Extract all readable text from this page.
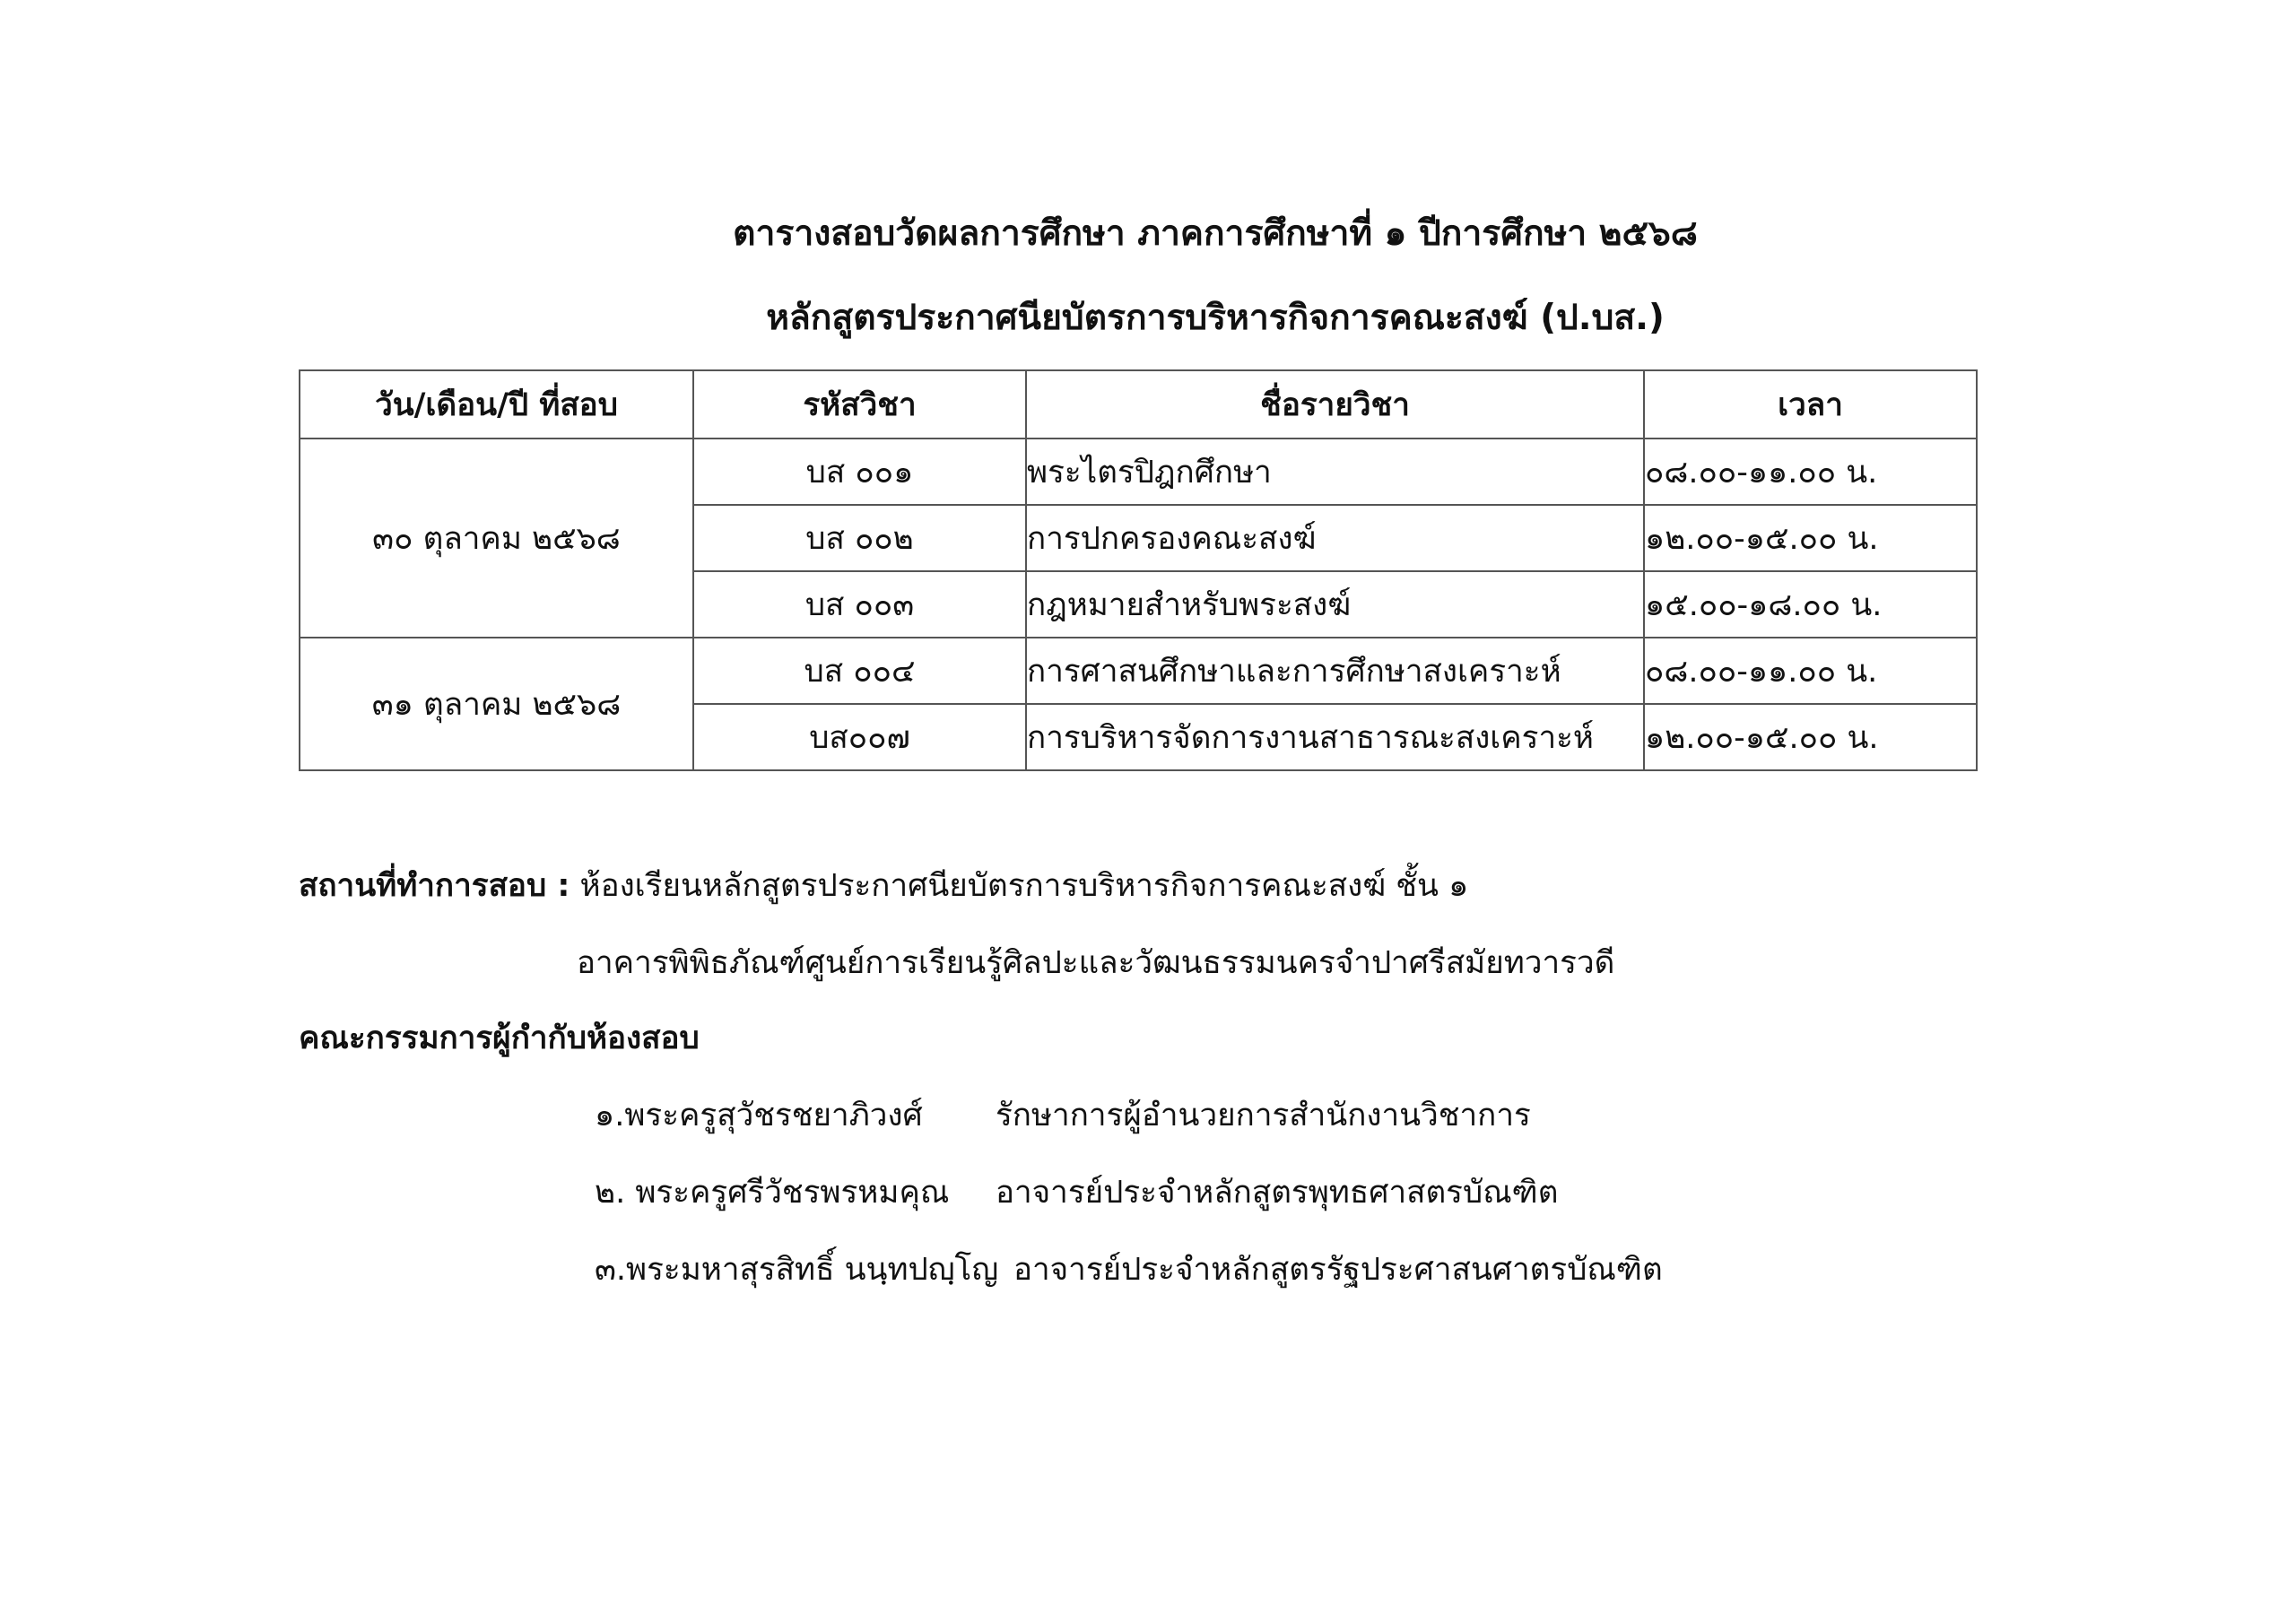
ตารางสอบวัดผลการศึกษา ภาคการศึกษาที่ ๑ ปีการศึกษา ๒๕๖๘
หลักสูตรประกาศนียบัตรการบริหารกิจการคณะสงฆ์ (ป.บส.)
วัน/เดือน/ปี ที่สอบ	รหัสวิชา	ชื่อรายวิชา	เวลา
๓๐ ตุลาคม ๒๕๖๘	บส ๐๐๑	พระไตรปิฎกศึกษา	๐๘.๐๐-๑๑.๐๐ น.
	บส ๐๐๒	การปกครองคณะสงฆ์	๑๒.๐๐-๑๕.๐๐ น.
	บส ๐๐๓	กฎหมายสำหรับพระสงฆ์	๑๕.๐๐-๑๘.๐๐ น.
๓๑ ตุลาคม ๒๕๖๘	บส ๐๐๔	การศาสนศึกษาและการศึกษาสงเคราะห์	๐๘.๐๐-๑๑.๐๐ น.
	บส๐๐๗	การบริหารจัดการงานสาธารณะสงเคราะห์	๑๒.๐๐-๑๕.๐๐ น.
สถานที่ทำการสอบ : ห้องเรียนหลักสูตรประกาศนียบัตรการบริหารกิจการคณะสงฆ์ ชั้น ๑
อาคารพิพิธภัณฑ์ศูนย์การเรียนรู้ศิลปะและวัฒนธรรมนครจำปาศรีสมัยทวารวดี
คณะกรรมการผู้กำกับห้องสอบ
๑.พระครูสุวัชรชยาภิวงศ์ รักษาการผู้อำนวยการสำนักงานวิชาการ
๒. พระครูศรีวัชรพรหมคุณ อาจารย์ประจำหลักสูตรพุทธศาสตรบัณฑิต
๓.พระมหาสุรสิทธิ์ นนฺทปญฺโญ อาจารย์ประจำหลักสูตรรัฐประศาสนศาตรบัณฑิต
